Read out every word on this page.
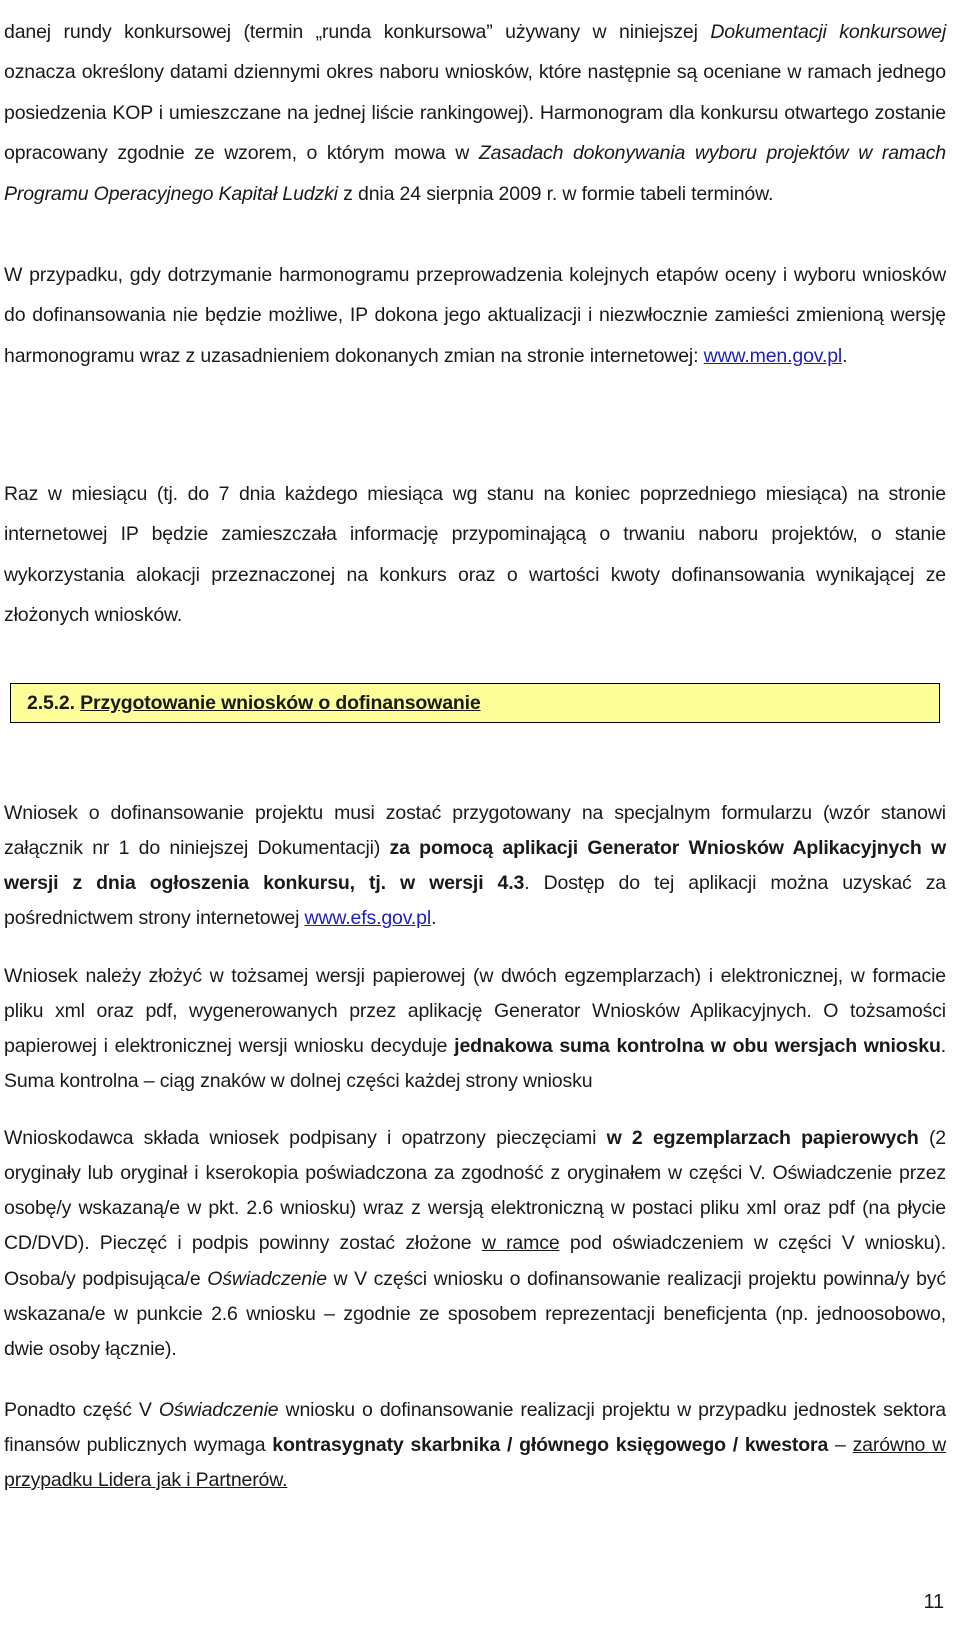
danej rundy konkursowej (termin „runda konkursowa” używany w niniejszej Dokumentacji konkursowej oznacza określony datami dziennymi okres naboru wniosków, które następnie są oceniane w ramach jednego posiedzenia KOP i umieszczane na jednej liście rankingowej). Harmonogram dla konkursu otwartego zostanie opracowany zgodnie ze wzorem, o którym mowa w Zasadach dokonywania wyboru projektów w ramach Programu Operacyjnego Kapitał Ludzki z dnia 24 sierpnia 2009 r. w formie tabeli terminów.

W przypadku, gdy dotrzymanie harmonogramu przeprowadzenia kolejnych etapów oceny i wyboru wniosków do dofinansowania nie będzie możliwe, IP dokona jego aktualizacji i niezwłocznie zamieści zmienioną wersję harmonogramu wraz z uzasadnieniem dokonanych zmian na stronie internetowej: www.men.gov.pl.

Raz w miesiącu (tj. do 7 dnia każdego miesiąca wg stanu na koniec poprzedniego miesiąca) na stronie internetowej IP będzie zamieszczała informację przypominającą o trwaniu naboru projektów, o stanie wykorzystania alokacji przeznaczonej na konkurs oraz o wartości kwoty dofinansowania wynikającej ze złożonych wniosków.

2.5.2. Przygotowanie wniosków o dofinansowanie

Wniosek o dofinansowanie projektu musi zostać przygotowany na specjalnym formularzu (wzór stanowi załącznik nr 1 do niniejszej Dokumentacji) za pomocą aplikacji Generator Wniosków Aplikacyjnych w wersji z dnia ogłoszenia konkursu, tj. w wersji 4.3. Dostęp do tej aplikacji można uzyskać za pośrednictwem strony internetowej www.efs.gov.pl.

Wniosek należy złożyć w tożsamej wersji papierowej (w dwóch egzemplarzach) i elektronicznej, w formacie pliku xml oraz pdf, wygenerowanych przez aplikację Generator Wniosków Aplikacyjnych. O tożsamości papierowej i elektronicznej wersji wniosku decyduje jednakowa suma kontrolna w obu wersjach wniosku. Suma kontrolna – ciąg znaków w dolnej części każdej strony wniosku

Wnioskodawca składa wniosek podpisany i opatrzony pieczęciami w 2 egzemplarzach papierowych (2 oryginały lub oryginał i kserokopia poświadczona za zgodność z oryginałem w części V. Oświadczenie przez osobę/y wskazaną/e w pkt. 2.6 wniosku) wraz z wersją elektroniczną w postaci pliku xml oraz pdf (na płycie CD/DVD). Pieczęć i podpis powinny zostać złożone w ramce pod oświadczeniem w części V wniosku). Osoba/y podpisująca/e Oświadczenie w V części wniosku o dofinansowanie realizacji projektu powinna/y być wskazana/e w punkcie 2.6 wniosku – zgodnie ze sposobem reprezentacji beneficjenta (np. jednoosobowo, dwie osoby łącznie).

Ponadto część V Oświadczenie wniosku o dofinansowanie realizacji projektu w przypadku jednostek sektora finansów publicznych wymaga kontrasygnaty skarbnika / głównego księgowego / kwestora – zarówno w przypadku Lidera jak i Partnerów.

11
